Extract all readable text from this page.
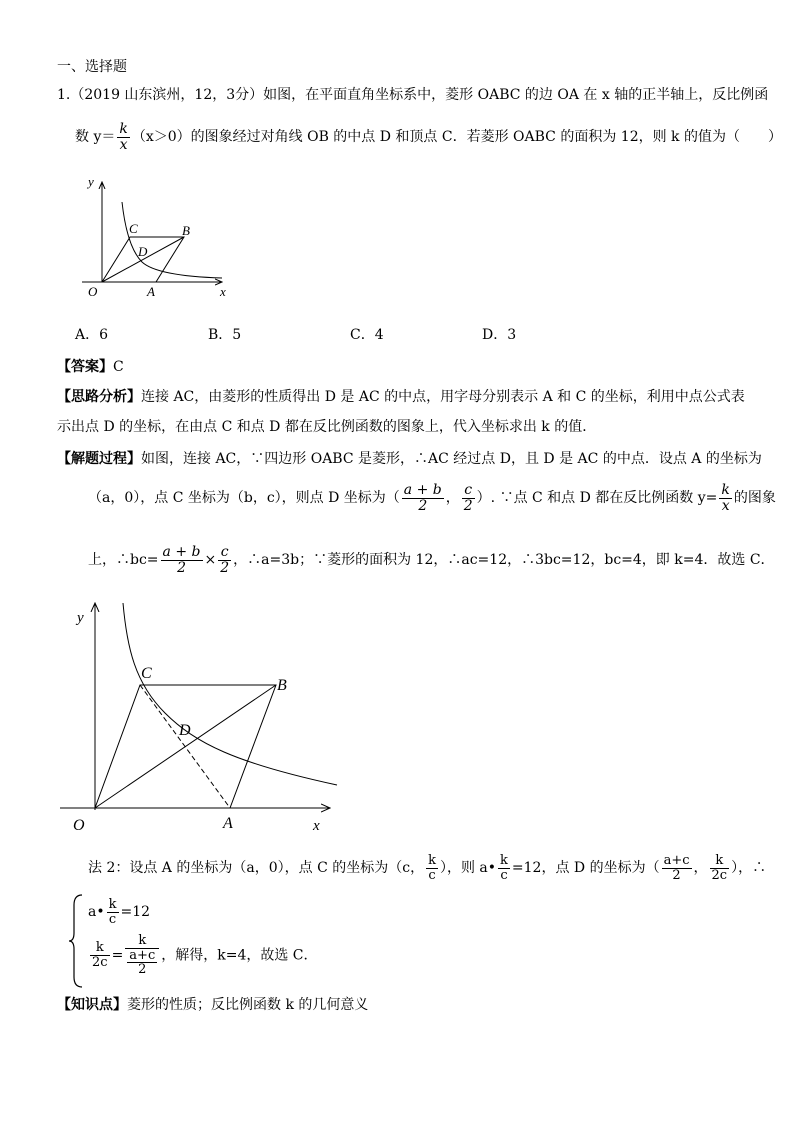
一、选择题
1.（2019 山东滨州，12，3分）如图，在平面直角坐标系中，菱形 OABC 的边 OA 在 x 轴的正半轴上，反比例函
数 $y= \frac{k}{x} (x>0)$的图象经过对角线 OB 的中点 D 和顶点 C．若菱形 OABC 的面积为 12，则 k 的值为（　　）
y
x
O	A
B
C
D
A．6	B．5	C．4	D．3
【答案】C
【思路分析】连接 AC，由菱形的性质得出 D 是 AC 的中点，用字母分别表示 A 和 C 的坐标，利用中点公式表
示出点 D 的坐标，在由点 C 和点 D 都在反比例函数的图象上，代入坐标求出 k 的值．
【解题过程】如图，连接 AC，∵四边形 OABC 是菱形，∴AC 经过点 D，且 D 是 AC 的中点．设点 A 的坐标为
（a，0），点 C 坐标为（b，c），则点 D 坐标为（ $\frac{a + b}{2}$ ， $\frac{c}{2}$ ）. ∵点 C 和点 D 都在反比例函数 $y= \frac{k}{x}$ 的图象
上，∴bc= $\frac{a + b}{2} \times \frac{c}{2}$ ，∴a=3b；∵菱形的面积为 12，∴ac=12，∴3bc=12，bc=4，即 k=4．故选 C．
y
x
O	A
B
C
D
法 2：设点 A 的坐标为（a，0），点 C 的坐标为（c， $\frac{k}{c}$ ），则 a• $\frac{k}{c} =12$，点 D 的坐标为（ $\frac{a+c}{2}$ ， $\frac{k}{2c}$ ），∴
a• $\frac{k}{c} =12$
$\frac{k}{2c} = \frac{k}{\frac{a+c}{2}}$ ，解得，k=4，故选 C．
【知识点】菱形的性质；反比例函数 k 的几何意义
